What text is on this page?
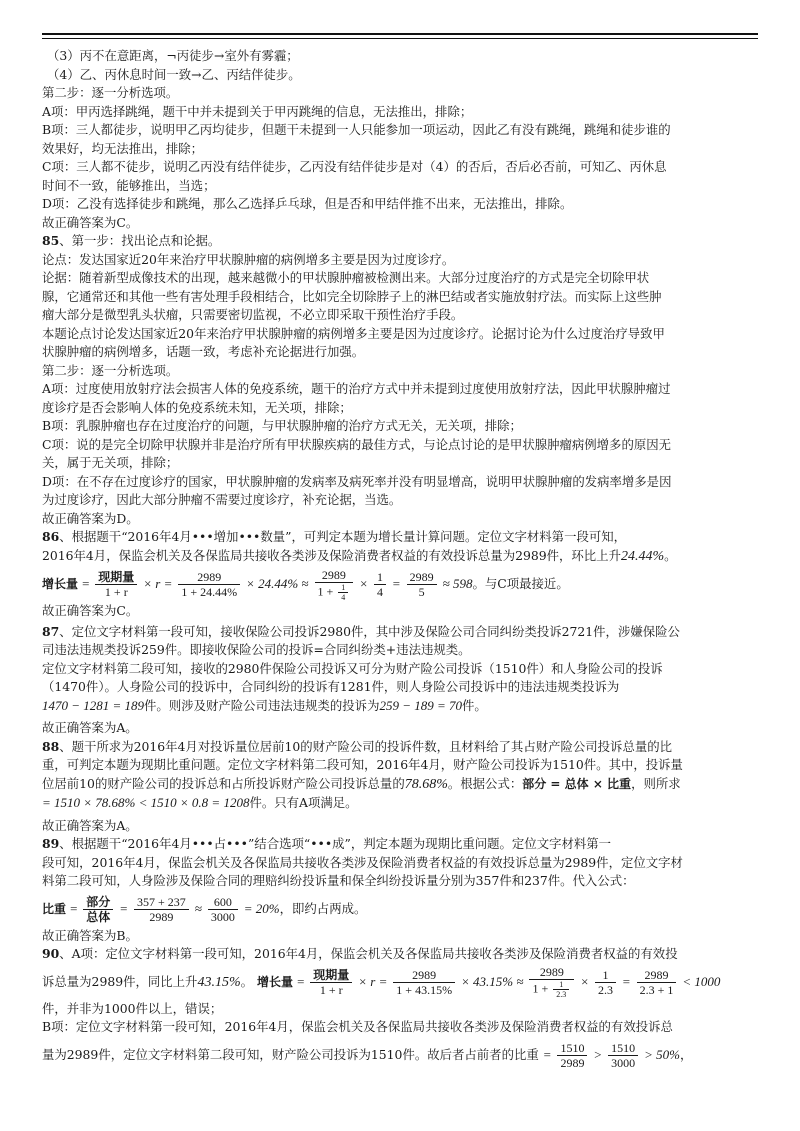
（3）丙不在意距离，¬丙徒步→室外有雾霾；
（4）乙、丙休息时间一致→乙、丙结伴徒步。
第二步：逐一分析选项。
A项：甲丙选择跳绳，题干中并未提到关于甲丙跳绳的信息，无法推出，排除；
B项：三人都徒步，说明甲乙丙均徒步，但题干未提到一人只能参加一项运动，因此乙有没有跳绳，跳绳和徒步谁的
效果好，均无法推出，排除；
C项：三人都不徒步，说明乙丙没有结伴徒步，乙丙没有结伴徒步是对（4）的否后，否后必否前，可知乙、丙休息
时间不一致，能够推出，当选；
D项：乙没有选择徒步和跳绳，那么乙选择乒乓球，但是否和甲结伴推不出来，无法推出，排除。
故正确答案为C。
85、第一步：找出论点和论据。
论点：发达国家近20年来治疗甲状腺肿瘤的病例增多主要是因为过度诊疗。
论据：随着新型成像技术的出现，越来越微小的甲状腺肿瘤被检测出来。大部分过度治疗的方式是完全切除甲状
腺，它通常还和其他一些有害处理手段相结合，比如完全切除脖子上的淋巴结或者实施放射疗法。而实际上这些肿
瘤大部分是微型乳头状瘤，只需要密切监视，不必立即采取干预性治疗手段。
本题论点讨论发达国家近20年来治疗甲状腺肿瘤的病例增多主要是因为过度诊疗。论据讨论为什么过度治疗导致甲
状腺肿瘤的病例增多，话题一致，考虑补充论据进行加强。
第二步：逐一分析选项。
A项：过度使用放射疗法会损害人体的免疫系统，题干的治疗方式中并未提到过度使用放射疗法，因此甲状腺肿瘤过
度诊疗是否会影响人体的免疫系统未知，无关项，排除；
B项：乳腺肿瘤也存在过度治疗的问题，与甲状腺肿瘤的治疗方式无关，无关项，排除；
C项：说的是完全切除甲状腺并非是治疗所有甲状腺疾病的最佳方式，与论点讨论的是甲状腺肿瘤病例增多的原因无
关，属于无关项，排除；
D项：在不存在过度诊疗的国家，甲状腺肿瘤的发病率及病死率并没有明显增高，说明甲状腺肿瘤的发病率增多是因
为过度诊疗，因此大部分肿瘤不需要过度诊疗，补充论据，当选。
故正确答案为D。
86、根据题干“2016年4月•••增加•••数量”，可判定本题为增长量计算问题。定位文字材料第一段可知，
2016年4月，保监会机关及各保监局共接收各类涉及保险消费者权益的有效投诉总量为2989件，环比上升24.44%。
增长量 = $\frac{\text{现期量}}{1 + r} \times r = \frac{2989}{1 + 24.44\%} \times 24.44\% \approx \frac{2989}{1 + \frac{1}{4}} \times \frac{1}{4} = \frac{2989}{5} \approx 598$。与C项最接近。
故正确答案为C。
87、定位文字材料第一段可知，接收保险公司投诉2980件，其中涉及保险公司合同纠纷类投诉2721件，涉嫌保险公
司违法违规类投诉259件。即接收保险公司的投诉=合同纠纷类+违法违规类。
定位文字材料第二段可知，接收的2980件保险公司投诉又可分为财产险公司投诉（1510件）和人身险公司的投诉
（1470件）。人身险公司的投诉中，合同纠纷的投诉有1281件，则人身险公司投诉中的违法违规类投诉为
1470 − 1281 = 189件。则涉及财产险公司违法违规类的投诉为259 − 189 = 70件。
故正确答案为A。
88、题干所求为2016年4月对投诉量位居前10的财产险公司的投诉件数，且材料给了其占财产险公司投诉总量的比
重，可判定本题为现期比重问题。定位文字材料第二段可知，2016年4月，财产险公司投诉为1510件。其中，投诉量
位居前10的财产险公司的投诉总和占所投诉财产险公司投诉总量的78.68%。根据公式：部分 = 总体 × 比重，则所求
= 1510 × 78.68% < 1510 × 0.8 = 1208件。只有A项满足。
故正确答案为A。
89、根据题干“2016年4月•••占•••”结合选项“•••成”，判定本题为现期比重问题。定位文字材料第一
段可知，2016年4月，保监会机关及各保监局共接收各类涉及保险消费者权益的有效投诉总量为2989件，定位文字材
料第二段可知，人身险涉及保险合同的理赔纠纷投诉量和保全纠纷投诉量分别为357件和237件。代入公式：
比重 = $\frac{\text{部分}}{\text{总体}} = \frac{357 + 237}{2989} \approx \frac{600}{3000} = 20\%$，即约占两成。
故正确答案为B。
90、A项：定位文字材料第一段可知，2016年4月，保监会机关及各保监局共接收各类涉及保险消费者权益的有效投
诉总量为2989件，同比上升43.15%。 增长量 = $\frac{\text{现期量}}{1 + r} \times r = \frac{2989}{1 + 43.15\%} \times 43.15\% \approx \frac{2989}{1 + \frac{1}{2.3}} \times \frac{1}{2.3} = \frac{2989}{2.3 + 1} < 1000$
件，并非为1000件以上，错误；
B项：定位文字材料第一段可知，2016年4月，保监会机关及各保监局共接收各类涉及保险消费者权益的有效投诉总
量为2989件，定位文字材料第二段可知，财产险公司投诉为1510件。故后者占前者的比重 = $\frac{1510}{2989} > \frac{1510}{3000} > 50\%$，
